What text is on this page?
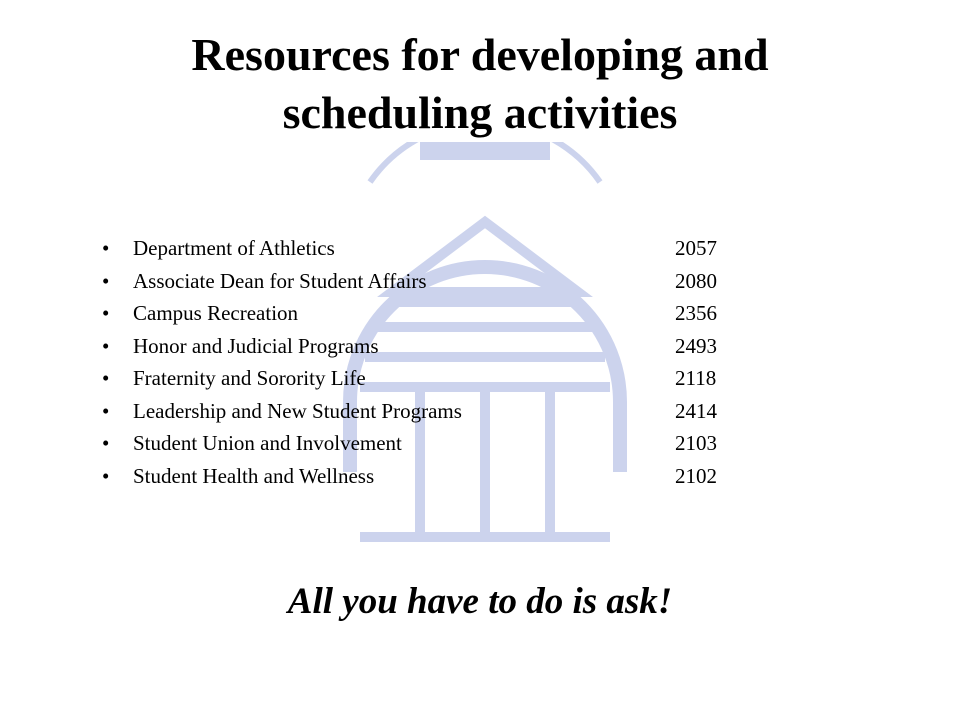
Resources for developing and
scheduling activities
•	Department of Athletics	2057
•	Associate Dean for Student Affairs	2080
•	Campus Recreation	2356
•	Honor and Judicial Programs	2493
•	Fraternity and Sorority Life	2118
•	Leadership and New Student Programs	2414
•	Student Union and Involvement	2103
•	Student Health and Wellness	2102

All you have to do is ask!
